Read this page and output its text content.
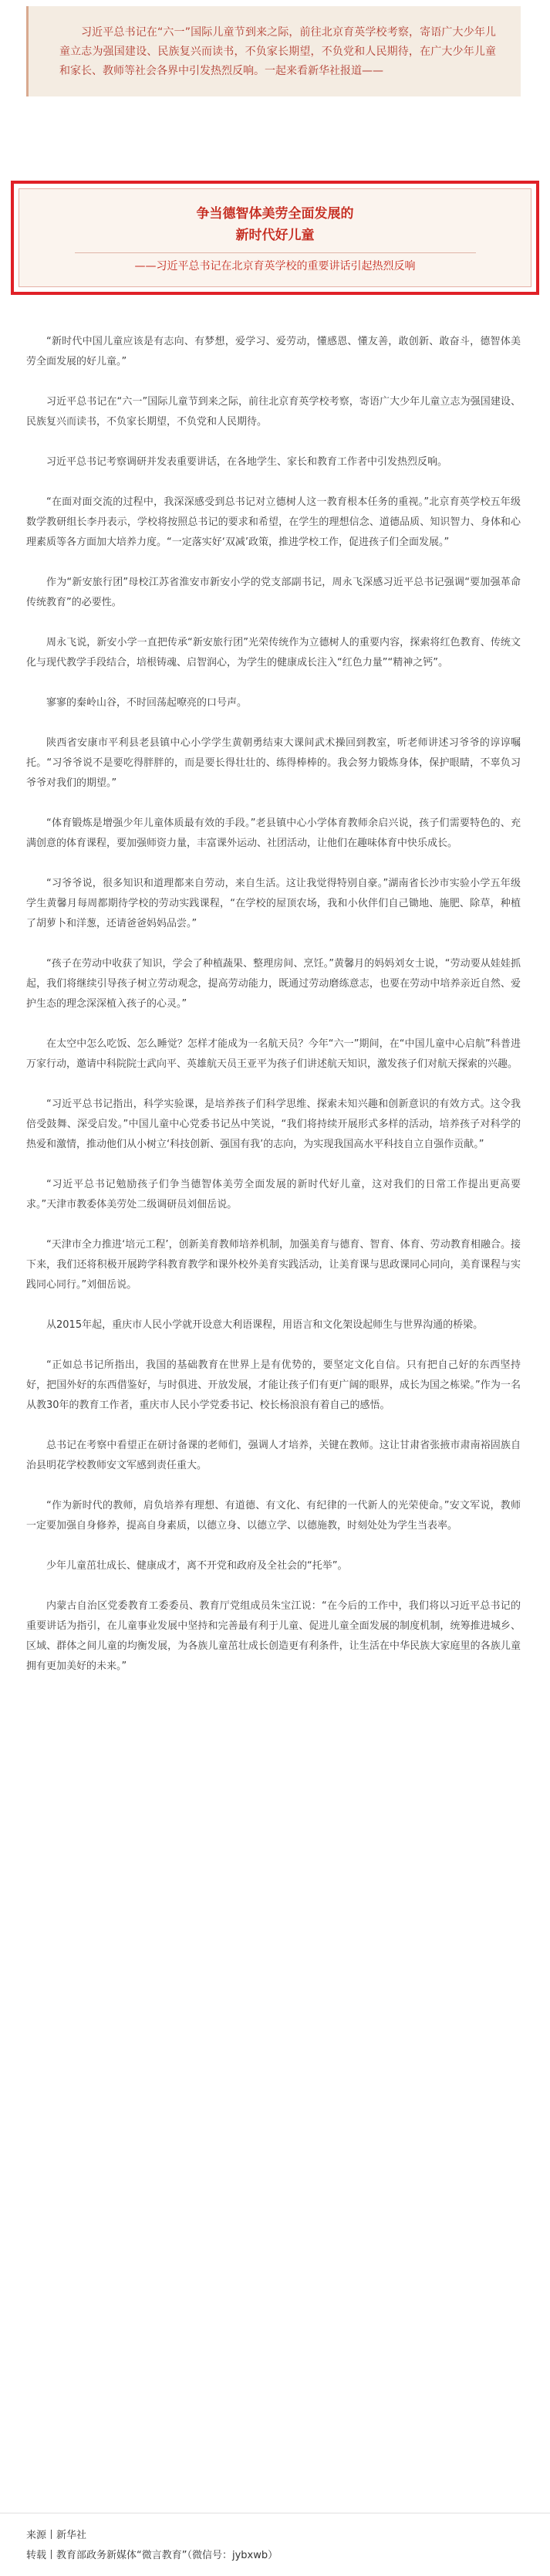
习近平总书记在“六一”国际儿童节到来之际，前往北京育英学校考察，寄语广大少年儿童立志为强国建设、民族复兴而读书，不负家长期望，不负党和人民期待，在广大少年儿童和家长、教师等社会各界中引发热烈反响。一起来看新华社报道——
争当德智体美劳全面发展的
新时代好儿童
——习近平总书记在北京育英学校的重要讲话引起热烈反响

“新时代中国儿童应该是有志向、有梦想，爱学习、爱劳动，懂感恩、懂友善，敢创新、敢奋斗，德智体美劳全面发展的好儿童。”

习近平总书记在“六一”国际儿童节到来之际，前往北京育英学校考察，寄语广大少年儿童立志为强国建设、民族复兴而读书，不负家长期望，不负党和人民期待。

习近平总书记考察调研并发表重要讲话，在各地学生、家长和教育工作者中引发热烈反响。

“在面对面交流的过程中，我深深感受到总书记对立德树人这一教育根本任务的重视。”北京育英学校五年级数学教研组长李丹表示，学校将按照总书记的要求和希望，在学生的理想信念、道德品质、知识智力、身体和心理素质等各方面加大培养力度。“一定落实好‘双减’政策，推进学校工作，促进孩子们全面发展。”

作为“新安旅行团”母校江苏省淮安市新安小学的党支部副书记，周永飞深感习近平总书记强调“要加强革命传统教育”的必要性。

周永飞说，新安小学一直把传承“新安旅行团”光荣传统作为立德树人的重要内容，探索将红色教育、传统文化与现代教学手段结合，培根铸魂、启智润心，为学生的健康成长注入“红色力量”“精神之钙”。

寥寥的秦岭山谷，不时回荡起嘹亮的口号声。

陕西省安康市平利县老县镇中心小学学生黄朝勇结束大课间武术操回到教室，听老师讲述习爷爷的谆谆嘱托。“习爷爷说不是要吃得胖胖的，而是要长得壮壮的、练得棒棒的。我会努力锻炼身体，保护眼睛，不辜负习爷爷对我们的期望。”

“体育锻炼是增强少年儿童体质最有效的手段。”老县镇中心小学体育教师余启兴说，孩子们需要特色的、充满创意的体育课程，要加强师资力量，丰富课外运动、社团活动，让他们在趣味体育中快乐成长。

“习爷爷说，很多知识和道理都来自劳动，来自生活。这让我觉得特别自豪。”湖南省长沙市实验小学五年级学生黄馨月每周都期待学校的劳动实践课程，“在学校的屋顶农场，我和小伙伴们自己锄地、施肥、除草，种植了胡萝卜和洋葱，还请爸爸妈妈品尝。”

“孩子在劳动中收获了知识，学会了种植蔬果、整理房间、烹饪。”黄馨月的妈妈刘女士说，“劳动要从娃娃抓起，我们将继续引导孩子树立劳动观念，提高劳动能力，既通过劳动磨练意志，也要在劳动中培养亲近自然、爱护生态的理念深深植入孩子的心灵。”

在太空中怎么吃饭、怎么睡觉？怎样才能成为一名航天员？今年“六一”期间，在“中国儿童中心启航”科普进万家行动，邀请中科院院士武向平、英雄航天员王亚平为孩子们讲述航天知识，激发孩子们对航天探索的兴趣。

“习近平总书记指出，科学实验课，是培养孩子们科学思维、探索未知兴趣和创新意识的有效方式。这令我倍受鼓舞、深受启发。”中国儿童中心党委书记丛中笑说，“我们将持续开展形式多样的活动，培养孩子对科学的热爱和激情，推动他们从小树立‘科技创新、强国有我’的志向，为实现我国高水平科技自立自强作贡献。”

“习近平总书记勉励孩子们争当德智体美劳全面发展的新时代好儿童，这对我们的日常工作提出更高要求。”天津市教委体美劳处二级调研员刘佃岳说。

“天津市全力推进‘培元工程’，创新美育教师培养机制，加强美育与德育、智育、体育、劳动教育相融合。接下来，我们还将积极开展跨学科教育教学和课外校外美育实践活动，让美育课与思政课同心同向，美育课程与实践同心同行。”刘佃岳说。

从2015年起，重庆市人民小学就开设意大利语课程，用语言和文化架设起师生与世界沟通的桥梁。

“正如总书记所指出，我国的基础教育在世界上是有优势的，要坚定文化自信。只有把自己好的东西坚持好，把国外好的东西借鉴好，与时俱进、开放发展，才能让孩子们有更广阔的眼界，成长为国之栋梁。”作为一名从教30年的教育工作者，重庆市人民小学党委书记、校长杨浪浪有着自己的感悟。

总书记在考察中看望正在研讨备课的老师们，强调人才培养，关键在教师。这让甘肃省张掖市肃南裕固族自治县明花学校教师安文军感到责任重大。

“作为新时代的教师，肩负培养有理想、有道德、有文化、有纪律的一代新人的光荣使命。”安文军说，教师一定要加强自身修养，提高自身素质，以德立身、以德立学、以德施教，时刻处处为学生当表率。

少年儿童茁壮成长、健康成才，离不开党和政府及全社会的“托举”。

内蒙古自治区党委教育工委委员、教育厅党组成员朱宝江说：“在今后的工作中，我们将以习近平总书记的重要讲话为指引，在儿童事业发展中坚持和完善最有利于儿童、促进儿童全面发展的制度机制，统筹推进城乡、区域、群体之间儿童的均衡发展，为各族儿童茁壮成长创造更有利条件，让生活在中华民族大家庭里的各族儿童拥有更加美好的未来。”

来源丨新华社
转载丨教育部政务新媒体“微言教育”（微信号：jybxwb）
